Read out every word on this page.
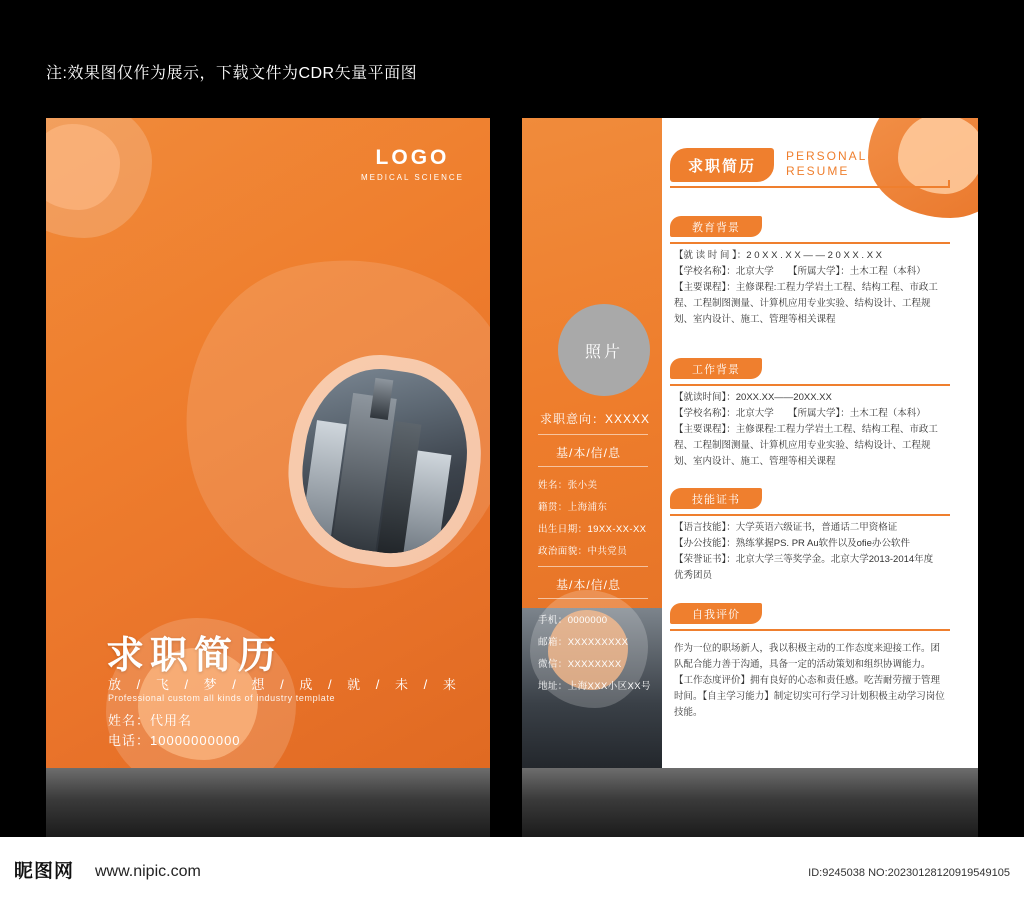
注:效果图仅作为展示，下载文件为CDR矢量平面图
LOGO
MEDICAL SCIENCE
求职简历
放 / 飞 / 梦 / 想 / 成 / 就 / 未 / 来
Professional custom all kinds of industry template
姓名：代用名
电话：10000000000
求职简历
PERSONAL
RESUME
照片
求职意向：XXXXX
基/本/信/息
姓名：张小美
籍贯：上海浦东
出生日期：19XX-XX-XX
政治面貌：中共党员
基/本/信/息
手机：0000000
邮箱：XXXXXXXXX
微信：XXXXXXXX
地址：上海XXX小区XX号
教育背景

【就 读 时 间 】：2 0 X X . X X — — 2 0 X X . X X

【学校名称】：北京大学　　【所属大学】：土木工程（本科）

【主要课程】：主修课程:工程力学岩土工程、结构工程、市政工

程、工程制图测量、计算机应用专业实验、结构设计、工程规

划、室内设计、施工、管理等相关课程

工作背景

【就读时间】：20XX.XX——20XX.XX

【学校名称】：北京大学　　【所属大学】：土木工程（本科）

【主要课程】：主修课程:工程力学岩土工程、结构工程、市政工

程、工程制图测量、计算机应用专业实验、结构设计、工程规

划、室内设计、施工、管理等相关课程

技能证书

【语言技能】：大学英语六级证书，普通话二甲资格证

【办公技能】：熟练掌握PS. PR Au软件以及ofie办公软件

【荣誉证书】：北京大学三等奖学金。北京大学2013-2014年度

优秀团员

自我评价

作为一位的职场新人，我以积极主动的工作态度来迎接工作。团

队配合能力善于沟通，具备一定的活动策划和组织协调能力。

【工作态度评价】拥有良好的心态和责任感。吃苦耐劳擅于管理

时间。【自主学习能力】制定切实可行学习计划积极主动学习岗位

技能。

昵图网 www.nipic.com	ID:9245038 NO:20230128120919549105
